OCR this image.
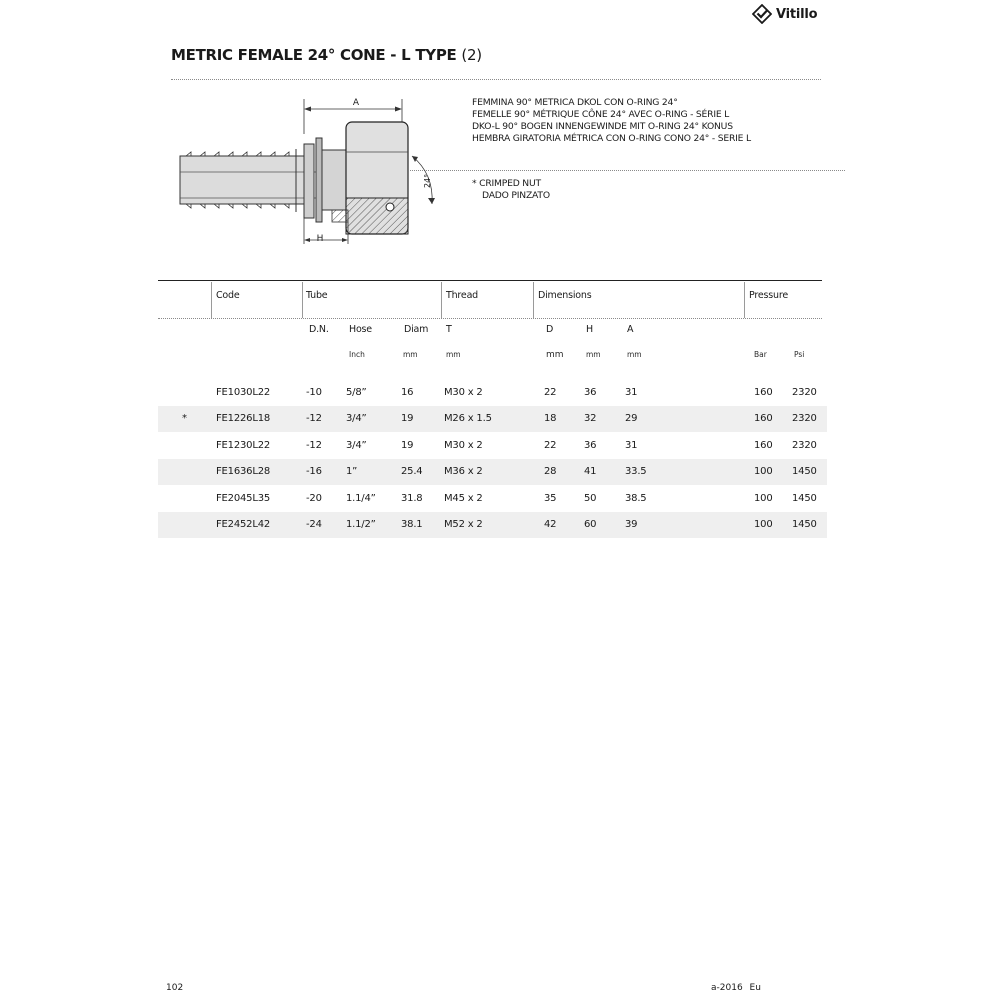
Vitillo
METRIC FEMALE 24° CONE - L TYPE (2)
A
24°
H
FEMMINA 90° METRICA DKOL CON O-RING 24°
FEMELLE 90° MÉTRIQUE CÔNE 24° AVEC O-RING - SÉRIE L
DKO-L 90° BOGEN INNENGEWINDE MIT O-RING 24° KONUS
HEMBRA GIRATORIA MÉTRICA CON O-RING CONO 24° - SERIE L
* CRIMPED NUT
DADO PINZATO
Code	Tube	Thread	Dimensions	Pressure
D.N. Hose	Diam T	D	H	A
Inch	mm	mm	mm	mm	mm	Bar	Psi
FE1030L22	-10 5/8”	16	M30 x 2	22	36	31	160 2320
*	FE1226L18	-12 3/4”	19	M26 x 1.5	18	32	29	160 2320
FE1230L22	-12 3/4”	19	M30 x 2	22	36	31	160 2320
FE1636L28	-16 1”	25.4 M36 x 2	28	41	33.5	100 1450
FE2045L35	-20 1.1/4”	31.8 M45 x 2	35	50	38.5	100 1450
FE2452L42	-24 1.1/2”	38.1 M52 x 2	42	60	39	100 1450
102	a-2016 Eu
